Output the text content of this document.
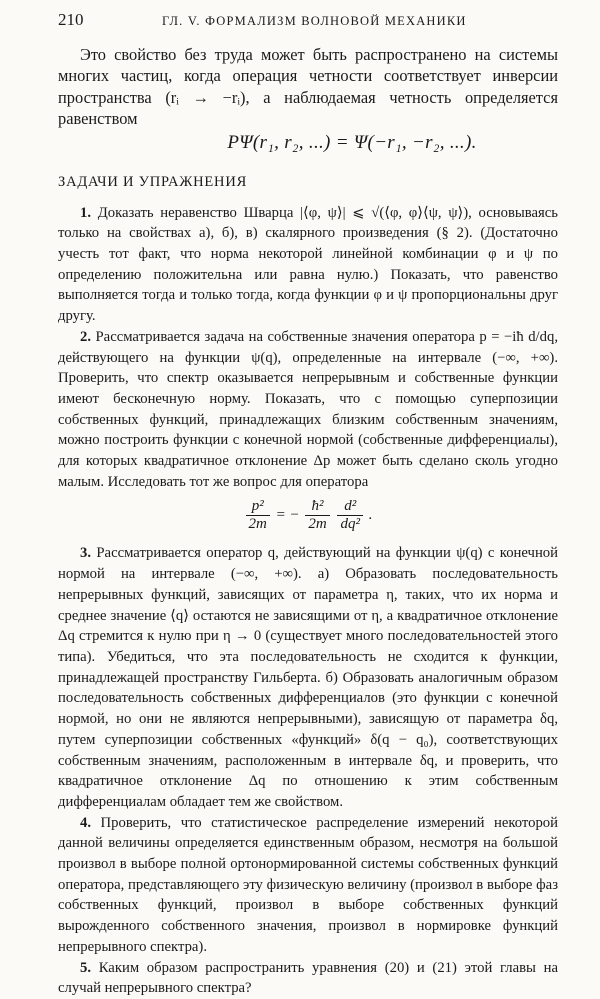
210	ГЛ. V. ФОРМАЛИЗМ ВОЛНОВОЙ МЕХАНИКИ

Это свойство без труда может быть распространено на системы многих частиц, когда операция четности соответствует инверсии пространства (rᵢ → −rᵢ), а наблюдаемая четность определяется равенством

PΨ(r₁, r₂, ...) = Ψ(−r₁, −r₂, ...).
ЗАДАЧИ И УПРАЖНЕНИЯ

1. Доказать неравенство Шварца |⟨φ, ψ⟩| ⩽ √(⟨φ, φ⟩⟨ψ, ψ⟩), основываясь только на свойствах а), б), в) скалярного произведения (§ 2). (Достаточно учесть тот факт, что норма некоторой линейной комбинации φ и ψ по определению положительна или равна нулю.) Показать, что равенство выполняется тогда и только тогда, когда функции φ и ψ пропорциональны друг другу.

2. Рассматривается задача на собственные значения оператора p = −iħ d/dq, действующего на функции ψ(q), определенные на интервале (−∞, +∞). Проверить, что спектр оказывается непрерывным и собственные функции имеют бесконечную норму. Показать, что с помощью суперпозиции собственных функций, принадлежащих близким собственным значениям, можно построить функции с конечной нормой (собственные дифференциалы), для которых квадратичное отклонение Δp может быть сделано сколь угодно малым. Исследовать тот же вопрос для оператора

$\frac{\text{p²}}{2m}$ = − $\frac{\text{ħ²}}{2m}$
$\frac{\text{d²}}{\text{dq²}}$ .

3. Рассматривается оператор q, действующий на функции ψ(q) с конечной нормой на интервале (−∞, +∞). а) Образовать последовательность непрерывных функций, зависящих от параметра η, таких, что их норма и среднее значение ⟨q⟩ остаются не зависящими от η, а квадратичное отклонение Δq стремится к нулю при η → 0 (существует много последовательностей этого типа). Убедиться, что эта последовательность не сходится к функции, принадлежащей пространству Гильберта. б) Образовать аналогичным образом последовательность собственных дифференциалов (это функции с конечной нормой, но они не являются непрерывными), зависящую от параметра δq, путем суперпозиции собственных «функций» δ(q − q₀), соответствующих собственным значениям, расположенным в интервале δq, и проверить, что квадратичное отклонение Δq по отношению к этим собственным дифференциалам обладает тем же свойством.

4. Проверить, что статистическое распределение измерений некоторой данной величины определяется единственным образом, несмотря на большой произвол в выборе полной ортонормированной системы собственных функций оператора, представляющего эту физическую величину (произвол в выборе фаз собственных функций, произвол в выборе собственных функций вырожденного собственного значения, произвол в нормировке функций непрерывного спектра).

5. Каким образом распространить уравнения (20) и (21) этой главы на случай непрерывного спектра?
